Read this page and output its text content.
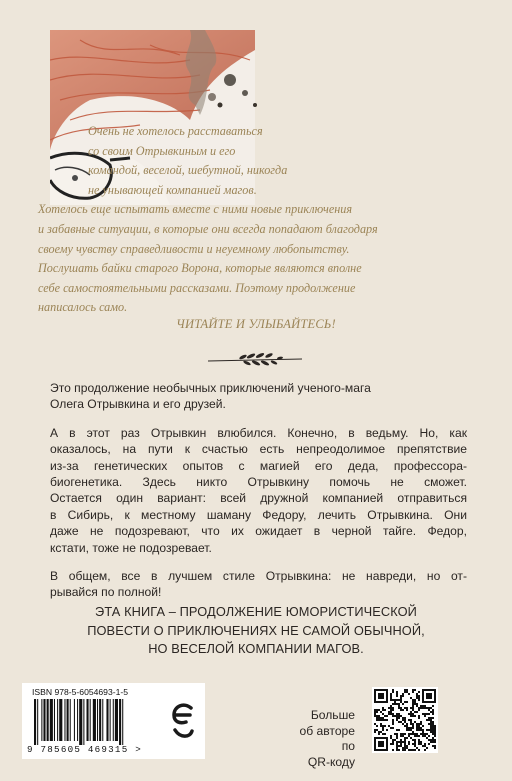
Очень не хотелось расставаться
со своим Отрывкиным и его
командой, веселой, шебутной, никогда
не унывающей компанией магов.

Хотелось еще испытать вместе с ними новые приключения
и забавные ситуации, в которые они всегда попадают благодаря
своему чувству справедливости и неуемному любопытству.
Послушать байки старого Ворона, которые являются вполне
себе самостоятельными рассказами. Поэтому продолжение
написалось само.

ЧИТАЙТЕ И УЛЫБАЙТЕСЬ!

Это продолжение необычных приключений ученого-мага
Олега Отрывкина и его друзей.

А в этот раз Отрывкин влюбился. Конечно, в ведьму. Но, как
оказалось, на пути к счастью есть непреодолимое препятствие
из-за генетических опытов с магией его деда, профессора-
биогенетика. Здесь никто Отрывкину помочь не сможет.
Остается один вариант: всей дружной компанией отправиться
в Сибирь, к местному шаману Федору, лечить Отрывкина. Они
даже не подозревают, что их ожидает в черной тайге. Федор,
кстати, тоже не подозревает.

В общем, все в лучшем стиле Отрывкина: не навреди, но от-
рывайся по полной!

ЭТА КНИГА – ПРОДОЛЖЕНИЕ ЮМОРИСТИЧЕСКОЙ
ПОВЕСТИ О ПРИКЛЮЧЕНИЯХ НЕ САМОЙ ОБЫЧНОЙ,
НО ВЕСЕЛОЙ КОМПАНИИ МАГОВ.
ISBN 978-5-6054693-1-5
9 785605 469315 >
Больше
об авторе по
QR-коду
